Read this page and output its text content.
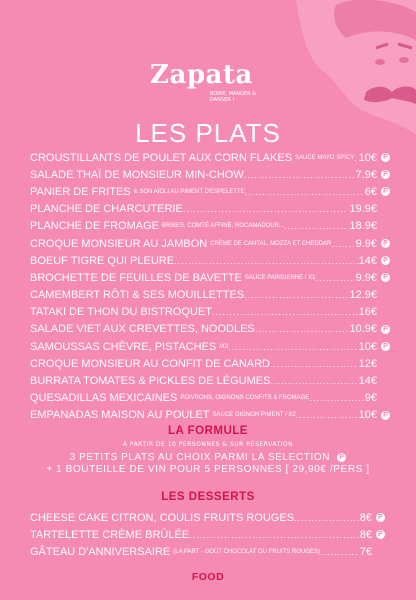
Zapata
BOIRE, MANGER & DANSER !
LES PLATS
CROUSTILLANTS DE POULET AUX CORN FLAKES SAUCE MAYO SPICY ..... 10€ P
SALADE THAÏ DE MONSIEUR MIN-CHOW .....	7.9€ P
PANIER DE FRITES & SON AÏOLI AU PIMENT D'ESPELETTE .....	6€ P
PLANCHE DE CHARCUTERIE .....	19.9€
PLANCHE DE FROMAGE BRIBES, COMTÉ AFFINÉ, ROCAMADOUR... .....	18.9€
CROQUE MONSIEUR AU JAMBON CRÈME DE CANTAL, MOZZA ET CHEDDAR ..... 9.9€ P
BOEUF TIGRE QUI PLEURE .....	14€ P
BROCHETTE DE FEUILLES DE BAVETTE SAUCE PARISIENNE / X1 .....	9.9€ P
CAMEMBERT RÔTI & SES MOUILLETTES .....	12.9€
TATAKI DE THON DU BISTROQUET .....	16€
SALADE VIET AUX CREVETTES, NOODLES .....	10.9€ P
SAMOUSSAS CHÈVRE, PISTACHES /X3 .....	10€ P
CROQUE MONSIEUR AU CONFIT DE CANARD .....	12€
BURRATA TOMATES & PICKLES DE LÉGUMES .....	14€
QUESADILLAS MEXICAINES POIVRONS, OIGNONS CONFITS & FROMAGE .....	9€
EMPANADAS MAISON AU POULET SAUCE OIGNON PIMENT / X2 .....	10€ P
LA FORMULE
À PARTIR DE 10 PERSONNES & SUR RÉSERVATION
3 PETITS PLATS AU CHOIX PARMI LA SELECTION P
+ 1 BOUTEILLE DE VIN POUR 5 PERSONNES [ 29,90€ /PERS ]
LES DESSERTS
CHEESE CAKE CITRON, COULIS FRUITS ROUGES .....	8€ P
TARTELETTE CRÈME BRÛLÉE .....	8€ P
GÂTEAU D'ANNIVERSAIRE (LA PART - GOÛT CHOCOLAT OU FRUITS ROUGES) .....	7€
FOOD
